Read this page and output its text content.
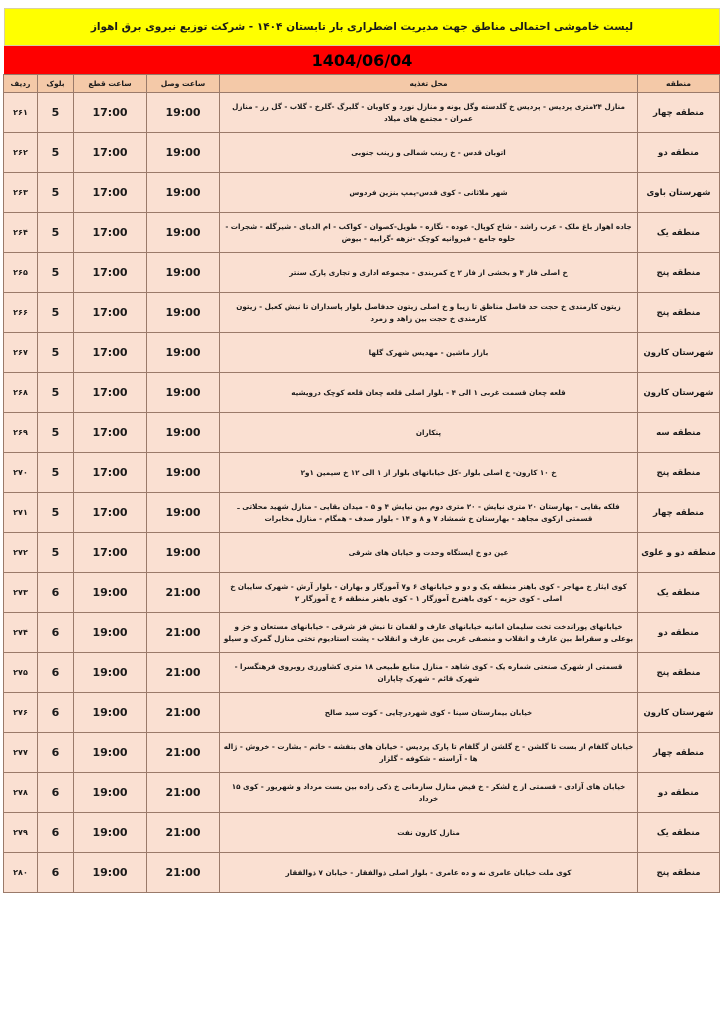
لیست خاموشی احتمالی مناطق جهت مدیریت اضطراری بار تابستان ۱۴۰۴ - شرکت توزیع نیروی برق اهواز
1404/06/04
منطقه	محل تغذیه	ساعت وصل	ساعت قطع	بلوک	ردیف
منطقه چهار	منازل ۲۴متری پردیس - پردیس خ گلدسته وگل یونه و منازل نورد و کاویان - گلبرگ -گلرخ - گلاب - گل رز - منازل عمران - مجتمع های میلاد	19:00	17:00	5	۲۶۱
منطقه دو	اتوبان قدس - خ زینب شمالی و زینب جنوبی	19:00	17:00	5	۲۶۲
شهرستان باوی	شهر ملاثانی - کوی قدس-پمپ بنزین فردوس	19:00	17:00	5	۲۶۳
منطقه یک	جاده اهواز باغ ملک - عرب راشد - شاخ کوپال- عوده - نگازه - طویل-کصوان - کواکب - ام الدبای - شیرگله - شجرات - حلوه جامع - فیروانیه کوچک -نزهه -گرابیه - بیوض	19:00	17:00	5	۲۶۴
منطقه پنج	خ اصلی فاز ۴ و بخشی از فاز ۲ خ کمربندی - مجموعه اداری و تجاری پارک سنتر	19:00	17:00	5	۲۶۵
منطقه پنج	زیتون کارمندی خ حجت حد فاصل مناظق تا زیبا و خ اصلی زیتون حدفاصل بلوار پاسداران تا نبش کعبل - زیتون کارمندی خ حجت بین زاهد و زمرد	19:00	17:00	5	۲۶۶
شهرستان کارون	بازار ماشین - مهدیس شهرک گلها	19:00	17:00	5	۲۶۷
شهرستان کارون	قلعه چعان قسمت غربی ۱ الی ۴ - بلوار اصلی قلعه چعان قلعه کوچک درویشیه	19:00	17:00	5	۲۶۸
منطقه سه	پنکاران	19:00	17:00	5	۲۶۹
منطقه پنج	خ ۱۰ کارون- خ اصلی بلوار -کل خیابانهای بلوار از ۱ الی ۱۲ خ سیمین ۱و۲	19:00	17:00	5	۲۷۰
منطقه چهار	فلکه بقایی - بهارستان ۲۰ متری نیایش - ۲۰ متری دوم بین نیایش ۴ و ۵ - میدان بقایی - منازل شهید محلاتی ـ قسمتی ازکوی مجاهد - بهارستان خ شمشاد ۷ و ۸ و ۱۴ - بلوار صدف - همگام - منازل مخابرات	19:00	17:00	5	۲۷۱
منطقه دو و علوی	عین دو خ ایستگاه وحدت و خیابان های شرقی	19:00	17:00	5	۲۷۲
منطقه یک	کوی ایثار خ مهاجر - کوی باهنر منطقه یک و دو و خیابانهای ۶ و۷ آموزگار و بهاران - بلوار آرش - شهرک سایبان خ اصلی - کوی حزیه - کوی باهنرخ آموزگار ۱ - کوی باهنر منطقه ۶ خ آموزگار ۲	21:00	19:00	6	۲۷۳
منطقه دو	خیابانهای پوراندخت تخت سلیمان امانیه خیابانهای عارف و لقمان تا نبش فز شرقی - خیابانهای مستعان و خز و بوعلی و سقراط بین عارف و انقلاب و منصفی غربی بین عارف و انقلاب - پشت استادیوم تختی منازل گمرک و سیلو	21:00	19:00	6	۲۷۴
منطقه پنج	قسمتی از شهرک صنعتی شماره یک - کوی شاهد - منازل منابع طبیعی ۱۸ متری کشاورزی روبروی فرهنگسرا - شهرک قائم - شهرک چاپاران	21:00	19:00	6	۲۷۵
شهرستان کارون	خیابان بیمارستان سینا - کوی شهردرچایی - کوت سید صالح	21:00	19:00	6	۲۷۶
منطقه چهار	خیابان گلفام از بست تا گلشن - خ گلشن از گلفام تا پارک پردیس - خیابان های بنفشه - خاتم - بشارت - خروش - ژاله ها - آراسته - شکوفه - گلزار	21:00	19:00	6	۲۷۷
منطقه دو	خیابان های آزادی - قسمتی از خ لشکر - خ فیض منازل سازمانی خ ذکی زاده بین بست مرداد و شهریور - کوی ۱۵ خرداد	21:00	19:00	6	۲۷۸
منطقه یک	منازل کارون نفت	21:00	19:00	6	۲۷۹
منطقه پنج	کوی ملت خیابان عامری نه و ده عامری - بلوار اصلی ذوالفقار - خیابان ۷ ذوالفقار	21:00	19:00	6	۲۸۰
